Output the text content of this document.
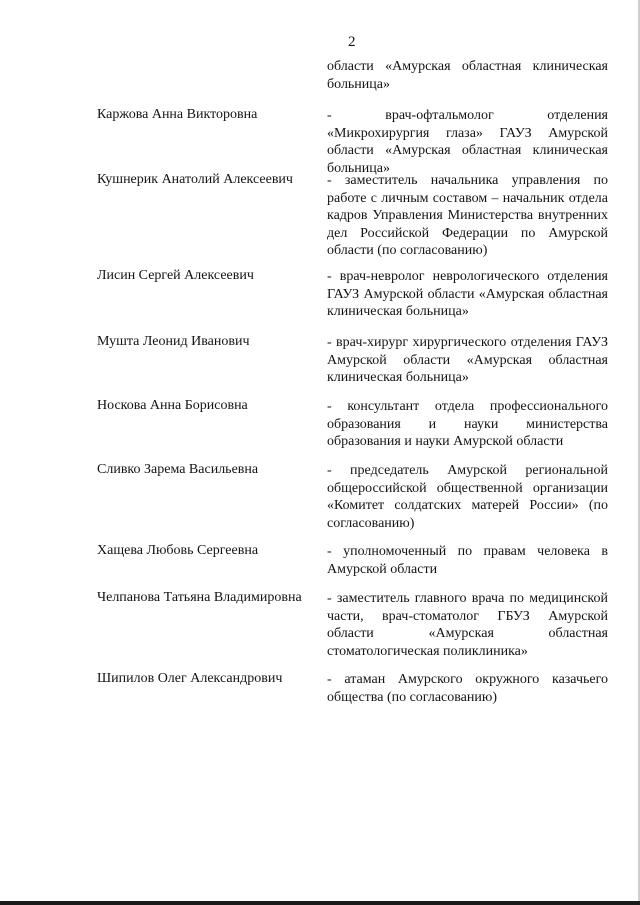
2
области «Амурская областная клиническая больница»
Каржова Анна Викторовна	- врач-офтальмолог отделения «Микрохирургия глаза» ГАУЗ Амурской области «Амурская областная клиническая больница»
Кушнерик Анатолий Алексеевич - заместитель начальника управления по работе с личным составом – начальник отдела кадров Управления Министерства внутренних дел Российской Федерации по Амурской области (по согласованию)
Лисин Сергей Алексеевич	- врач-невролог неврологического отделения ГАУЗ Амурской области «Амурская областная клиническая больница»
Мушта Леонид Иванович	- врач-хирург хирургического отделения ГАУЗ Амурской области «Амурская областная клиническая больница»
Носкова Анна Борисовна	- консультант отдела профессионального образования и науки министерства образования и науки Амурской области
Сливко Зарема Васильевна	- председатель Амурской региональной общероссийской общественной организации «Комитет солдатских матерей России» (по согласованию)
Хащева Любовь Сергеевна	- уполномоченный по правам человека в Амурской области
Челпанова Татьяна Владимировна - заместитель главного врача по медицинской части, врач-стоматолог ГБУЗ Амурской области «Амурская областная стоматологическая поликлиника»
Шипилов Олег Александрович	- атаман Амурского окружного казачьего общества (по согласованию)
